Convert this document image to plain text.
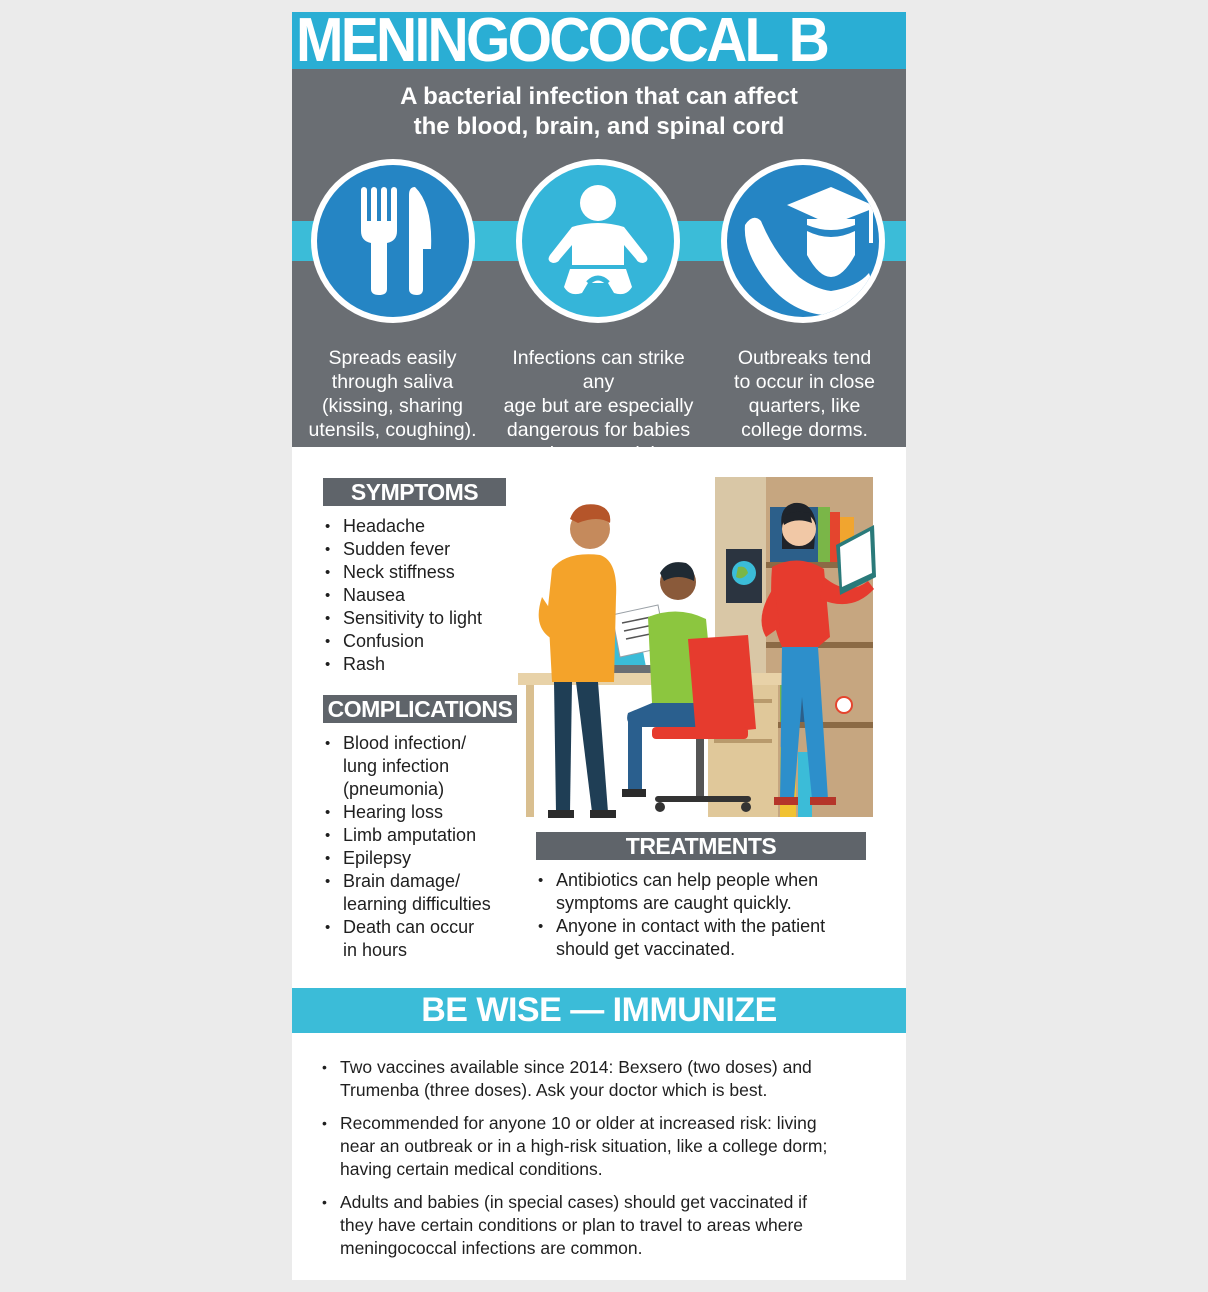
MENINGOCOCCAL B
A bacterial infection that can affect
the blood, brain, and spinal cord
Spreads easily
through saliva
(kissing, sharing
utensils, coughing).
Infections can strike any
age but are especially
dangerous for babies
and young adults.
Outbreaks tend
to occur in close
quarters, like
college dorms.
SYMPTOMS
• Headache
• Sudden fever
• Neck stiffness
• Nausea
• Sensitivity to light
• Confusion
• Rash
COMPLICATIONS
• Blood infection/
lung infection
(pneumonia)
• Hearing loss
• Limb amputation
• Epilepsy
• Brain damage/
learning difficulties
• Death can occur
in hours
TREATMENTS
• Antibiotics can help people when
symptoms are caught quickly.
• Anyone in contact with the patient
should get vaccinated.
BE WISE — IMMUNIZE
• Two vaccines available since 2014: Bexsero (two doses) and
Trumenba (three doses). Ask your doctor which is best.
• Recommended for anyone 10 or older at increased risk: living
near an outbreak or in a high-risk situation, like a college dorm;
having certain medical conditions.
• Adults and babies (in special cases) should get vaccinated if
they have certain conditions or plan to travel to areas where
meningococcal infections are common.
